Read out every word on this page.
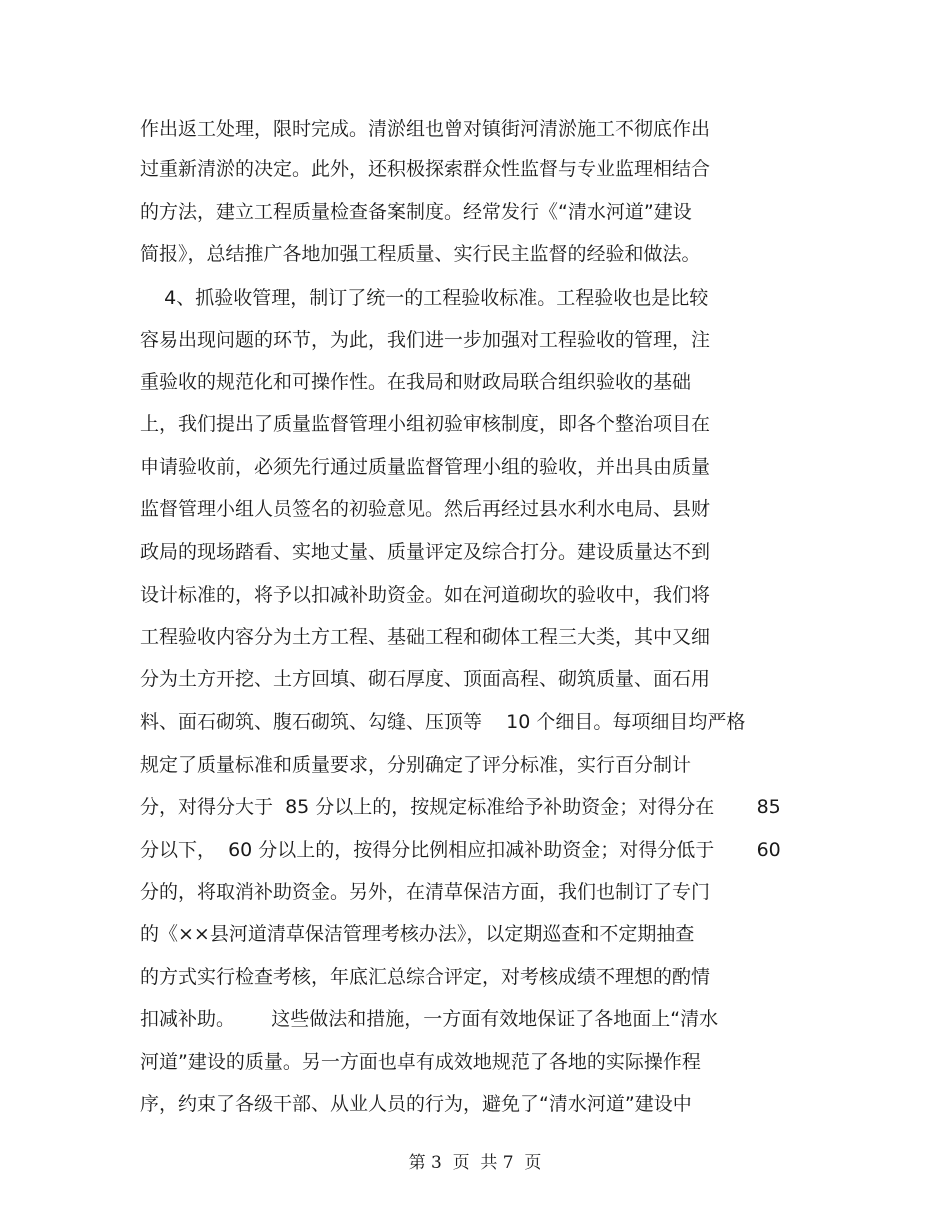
作出返工处理，限时完成。清淤组也曾对镇街河清淤施工不彻底作出
过重新清淤的决定。此外，还积极探索群众性监督与专业监理相结合
的方法，建立工程质量检查备案制度。经常发行《“清水河道”建设
简报》，总结推广各地加强工程质量、实行民主监督的经验和做法。
4、抓验收管理，制订了统一的工程验收标准。工程验收也是比较
容易出现问题的环节，为此，我们进一步加强对工程验收的管理，注
重验收的规范化和可操作性。在我局和财政局联合组织验收的基础
上，我们提出了质量监督管理小组初验审核制度，即各个整治项目在
申请验收前，必须先行通过质量监督管理小组的验收，并出具由质量
监督管理小组人员签名的初验意见。然后再经过县水利水电局、县财
政局的现场踏看、实地丈量、质量评定及综合打分。建设质量达不到
设计标准的，将予以扣减补助资金。如在河道砌坎的验收中，我们将
工程验收内容分为土方工程、基础工程和砌体工程三大类，其中又细
分为土方开挖、土方回填、砌石厚度、顶面高程、砌筑质量、面石用
料、面石砌筑、腹石砌筑、勾缝、压顶等    10 个细目。每项细目均严格
规定了质量标准和质量要求，分别确定了评分标准，实行百分制计
分，对得分大于  85 分以上的，按规定标准给予补助资金；对得分在       85
分以下，  60 分以上的，按得分比例相应扣减补助资金；对得分低于       60
分的，将取消补助资金。另外，在清草保洁方面，我们也制订了专门
的《××县河道清草保洁管理考核办法》，以定期巡查和不定期抽查
的方式实行检查考核，年底汇总综合评定，对考核成绩不理想的酌情
扣减补助。      这些做法和措施，一方面有效地保证了各地面上“清水
河道”建设的质量。另一方面也卓有成效地规范了各地的实际操作程
序，约束了各级干部、从业人员的行为，避免了“清水河道”建设中
第 3  页  共 7  页
